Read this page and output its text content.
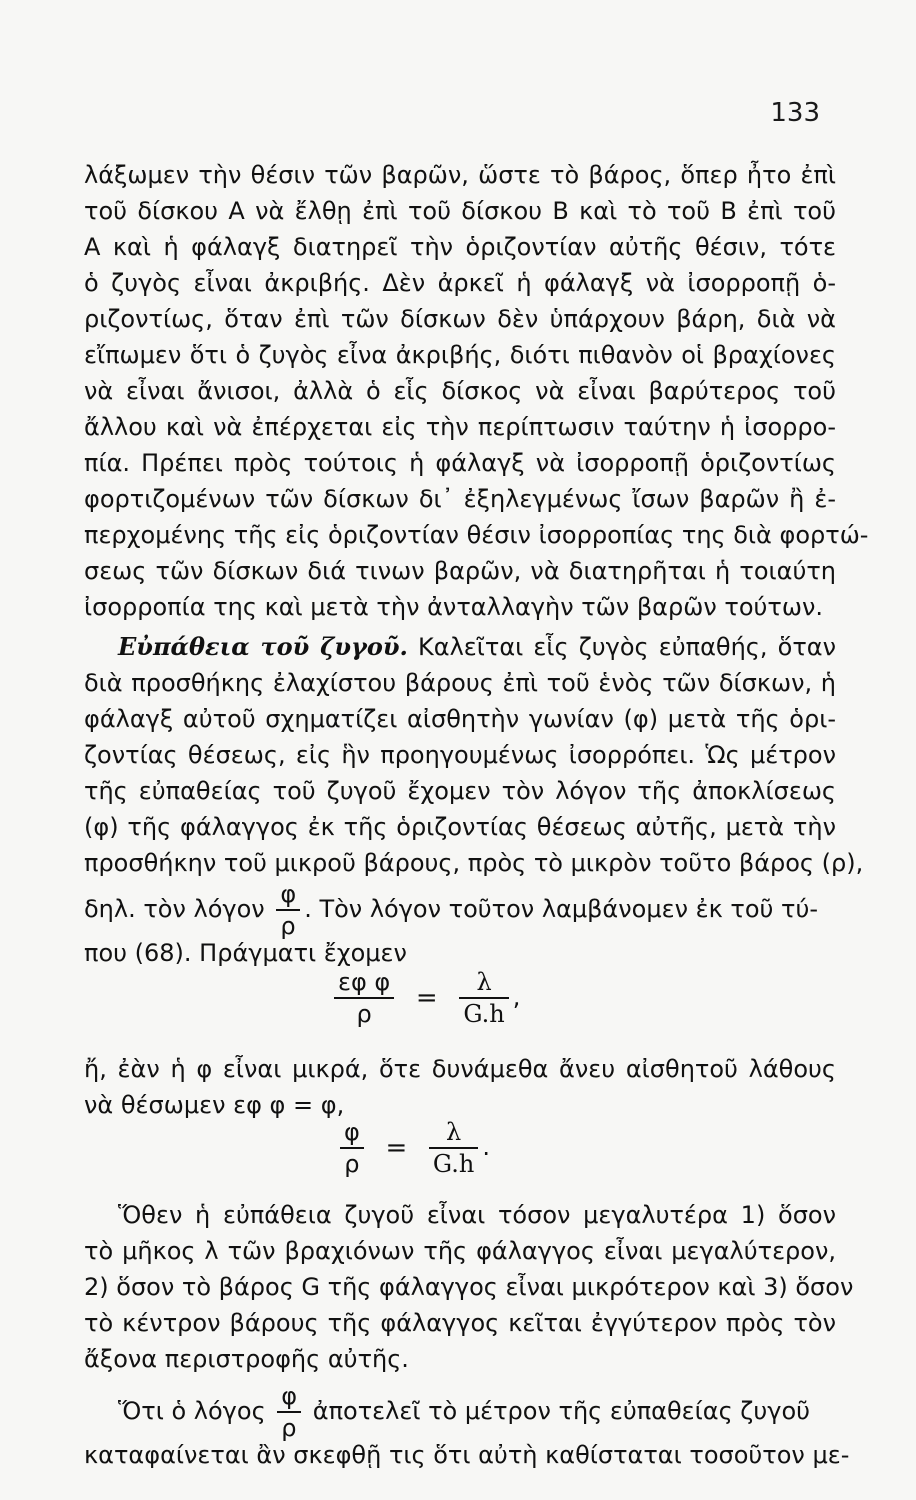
133
λάξωμεν τὴν θέσιν τῶν βαρῶν, ὥστε τὸ βάρος, ὅπερ ἦτο ἐπὶ
τοῦ δίσκου Α νὰ ἔλθῃ ἐπὶ τοῦ δίσκου Β καὶ τὸ τοῦ Β ἐπὶ τοῦ
Α καὶ ἡ φάλαγξ διατηρεῖ τὴν ὁριζοντίαν αὐτῆς θέσιν, τότε
ὁ ζυγὸς εἶναι ἀκριβής. Δὲν ἀρκεῖ ἡ φάλαγξ νὰ ἰσορροπῇ ὁ-
ριζοντίως, ὅταν ἐπὶ τῶν δίσκων δὲν ὑπάρχουν βάρη, διὰ νὰ
εἴπωμεν ὅτι ὁ ζυγὸς εἶνα ἀκριβής, διότι πιθανὸν οἱ βραχίονες
νὰ εἶναι ἄνισοι, ἀλλὰ ὁ εἷς δίσκος νὰ εἶναι βαρύτερος τοῦ
ἄλλου καὶ νὰ ἐπέρχεται εἰς τὴν περίπτωσιν ταύτην ἡ ἰσορρο-
πία. Πρέπει πρὸς τούτοις ἡ φάλαγξ νὰ ἰσορροπῇ ὁριζοντίως
φορτιζομένων τῶν δίσκων δι᾽ ἐξηλεγμένως ἴσων βαρῶν ἢ ἐ-
περχομένης τῆς εἰς ὁριζοντίαν θέσιν ἰσορροπίας της διὰ φορτώ-
σεως τῶν δίσκων διά τινων βαρῶν, νὰ διατηρῆται ἡ τοιαύτη
ἰσορροπία της καὶ μετὰ τὴν ἀνταλλαγὴν τῶν βαρῶν τούτων.
Εὐπάθεια τοῦ ζυγοῦ. Καλεῖται εἷς ζυγὸς εὐπαθής, ὅταν
διὰ προσθήκης ἐλαχίστου βάρους ἐπὶ τοῦ ἑνὸς τῶν δίσκων, ἡ
φάλαγξ αὐτοῦ σχηματίζει αἰσθητὴν γωνίαν (φ) μετὰ τῆς ὁρι-
ζοντίας θέσεως, εἰς ἣν προηγουμένως ἰσορρόπει. Ὡς μέτρον
τῆς εὐπαθείας τοῦ ζυγοῦ ἔχομεν τὸν λόγον τῆς ἀποκλίσεως
(φ) τῆς φάλαγγος ἐκ τῆς ὁριζοντίας θέσεως αὐτῆς, μετὰ τὴν
προσθήκην τοῦ μικροῦ βάρους, πρὸς τὸ μικρὸν τοῦτο βάρος (ρ),
δηλ. τὸν λόγον $\frac{\varphi}{\rho}$ . Τὸν λόγον τοῦτον λαμβάνομεν ἐκ τοῦ τύ-
που (68). Πράγματι ἔχομεν
$\frac{\text{εφ φ}}{\rho} = \frac{\lambda}{G.h}$ ,
ἤ, ἐὰν ἡ φ εἶναι μικρά, ὅτε δυνάμεθα ἄνευ αἰσθητοῦ λάθους
νὰ θέσωμεν εφ φ = φ,
$\frac{\varphi}{\rho} = \frac{\lambda}{G.h}$ .
Ὅθεν ἡ εὐπάθεια ζυγοῦ εἶναι τόσον μεγαλυτέρα 1) ὅσον
τὸ μῆκος λ τῶν βραχιόνων τῆς φάλαγγος εἶναι μεγαλύτερον,
2) ὅσον τὸ βάρος G τῆς φάλαγγος εἶναι μικρότερον καὶ 3) ὅσον
τὸ κέντρον βάρους τῆς φάλαγγος κεῖται ἐγγύτερον πρὸς τὸν
ἄξονα περιστροφῆς αὐτῆς.
Ὅτι ὁ λόγος $\frac{\varphi}{\rho}$ ἀποτελεῖ τὸ μέτρον τῆς εὐπαθείας ζυγοῦ
καταφαίνεται ἂν σκεφθῇ τις ὅτι αὐτὴ καθίσταται τοσοῦτον με-
